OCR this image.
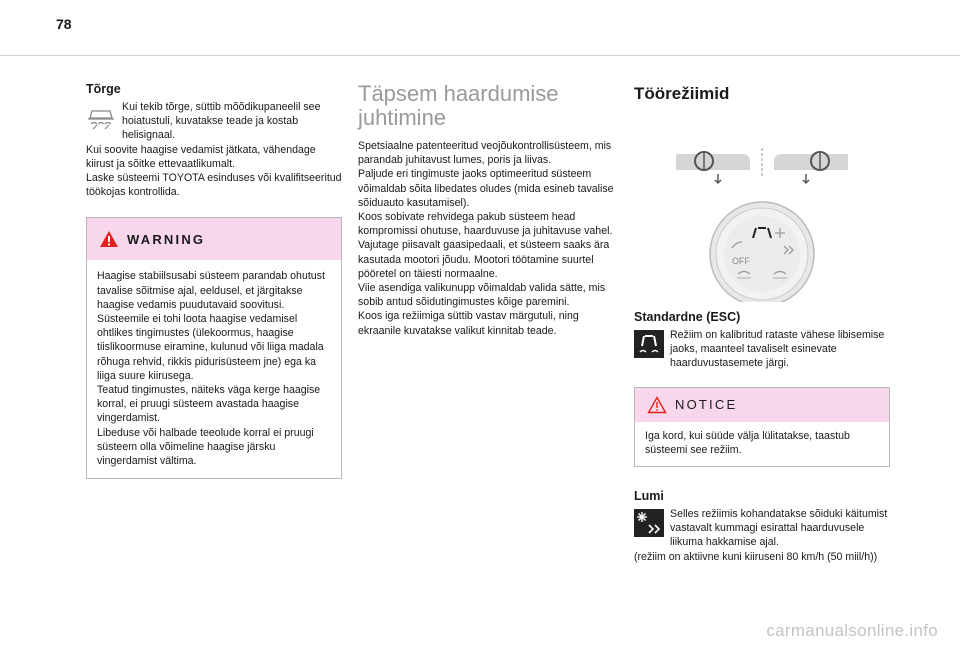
78
Tõrge

Kui tekib tõrge, süttib mõõdikupaneelil see hoiatustuli, kuvatakse teade ja kostab helisignaal.

Kui soovite haagise vedamist jätkata, vähendage kiirust ja sõitke ettevaatlikumalt.

Laske süsteemi TOYOTA esinduses või kvalifitseeritud töökojas kontrollida.

WARNING

Haagise stabiilsusabi süsteem parandab ohutust tavalise sõitmise ajal, eeldusel, et järgitakse haagise vedamis puudutavaid soovitusi. Süsteemile ei tohi loota haagise vedamisel ohtlikes tingimustes (ülekoormus, haagise tiislikoormuse eiramine, kulunud või liiga madala rõhuga rehvid, rikkis pidurisüsteem jne) ega ka liiga suure kiirusega.

Teatud tingimustes, näiteks väga kerge haagise korral, ei pruugi süsteem avastada haagise vingerdamist.

Libeduse või halbade teeolude korral ei pruugi süsteem olla võimeline haagise järsku vingerdamist vältima.

Täpsem haardumise juhtimine

Spetsiaalne patenteeritud veojõukontrollisüsteem, mis parandab juhitavust lumes, poris ja liivas.

Paljude eri tingimuste jaoks optimeeritud süsteem võimaldab sõita libedates oludes (mida esineb tavalise sõiduauto kasutamisel).

Koos sobivate rehvidega pakub süsteem head kompromissi ohutuse, haarduvuse ja juhitavuse vahel.

Vajutage piisavalt gaasipedaali, et süsteem saaks ära kasutada mootori jõudu. Mootori töötamine suurtel pööretel on täiesti normaalne.

Viie asendiga valikunupp võimaldab valida sätte, mis sobib antud sõidutingimustes kõige paremini.

Koos iga režiimiga süttib vastav märgutuli, ning ekraanile kuvatakse valikut kinnitab teade.

Töörežiimid
OFF
Standardne (ESC)

Režiim on kalibritud rataste vähese libisemise jaoks, maanteel tavaliselt esinevate haarduvustasemete järgi.

NOTICE

Iga kord, kui süüde välja lülitatakse, taastub süsteemi see režiim.

Lumi

Selles režiimis kohandatakse sõiduki käitumist vastavalt kummagi esirattal haarduvusele liikuma hakkamise ajal.

(režiim on aktiivne kuni kiiruseni 80 km/h (50 miil/h))

carmanualsonline.info
